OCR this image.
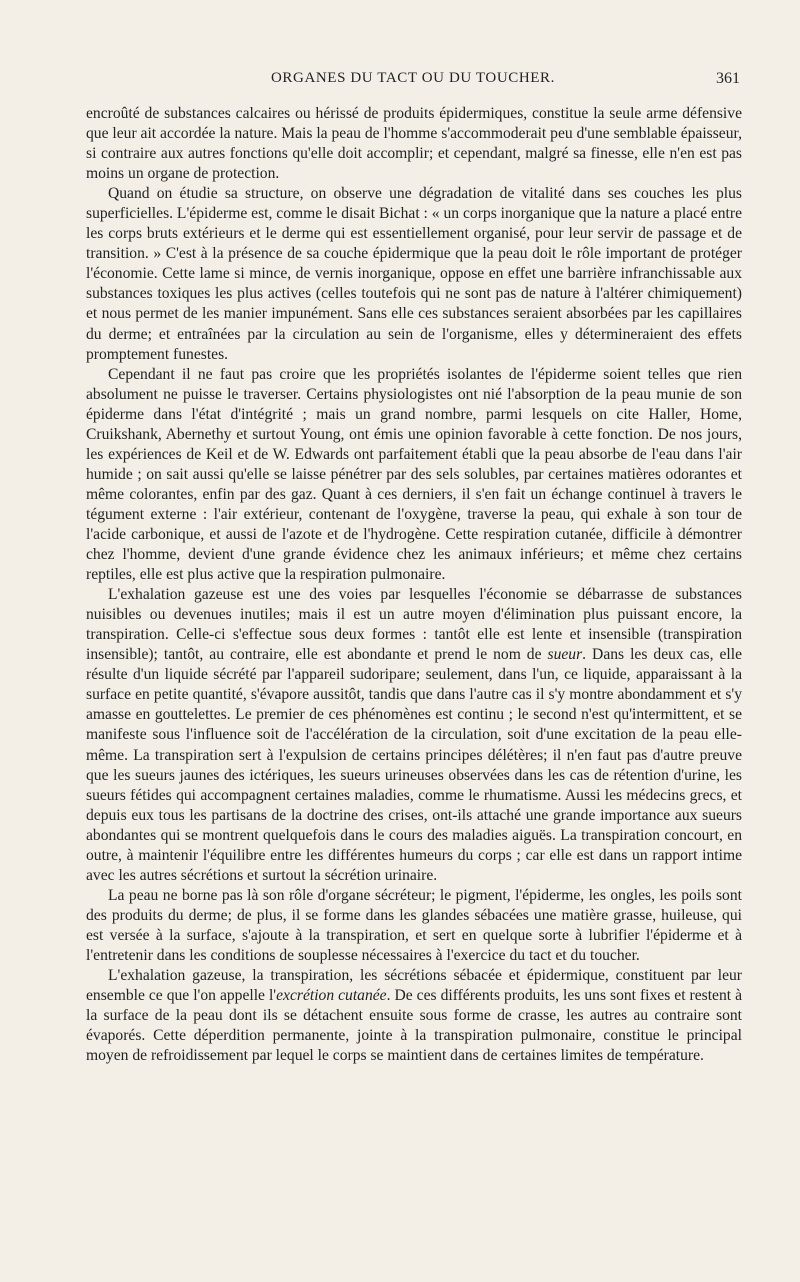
ORGANES DU TACT OU DU TOUCHER.	361

encroûté de substances calcaires ou hérissé de produits épidermiques, constitue la seule arme défensive que leur ait accordée la nature. Mais la peau de l'homme s'accommoderait peu d'une semblable épaisseur, si contraire aux autres fonctions qu'elle doit accomplir; et cependant, malgré sa finesse, elle n'en est pas moins un organe de protection.

Quand on étudie sa structure, on observe une dégradation de vitalité dans ses couches les plus superficielles. L'épiderme est, comme le disait Bichat : « un corps inorganique que la nature a placé entre les corps bruts extérieurs et le derme qui est essentiellement organisé, pour leur servir de passage et de transition. » C'est à la présence de sa couche épidermique que la peau doit le rôle important de protéger l'économie. Cette lame si mince, de vernis inorganique, oppose en effet une barrière infranchissable aux substances toxiques les plus actives (celles toutefois qui ne sont pas de nature à l'altérer chimiquement) et nous permet de les manier impunément. Sans elle ces substances seraient absorbées par les capillaires du derme; et entraînées par la circulation au sein de l'organisme, elles y détermineraient des effets promptement funestes.

Cependant il ne faut pas croire que les propriétés isolantes de l'épiderme soient telles que rien absolument ne puisse le traverser. Certains physiologistes ont nié l'absorption de la peau munie de son épiderme dans l'état d'intégrité ; mais un grand nombre, parmi lesquels on cite Haller, Home, Cruikshank, Abernethy et surtout Young, ont émis une opinion favorable à cette fonction. De nos jours, les expériences de Keil et de W. Edwards ont parfaitement établi que la peau absorbe de l'eau dans l'air humide ; on sait aussi qu'elle se laisse pénétrer par des sels solubles, par certaines matières odorantes et même colorantes, enfin par des gaz. Quant à ces derniers, il s'en fait un échange continuel à travers le tégument externe : l'air extérieur, contenant de l'oxygène, traverse la peau, qui exhale à son tour de l'acide carbonique, et aussi de l'azote et de l'hydrogène. Cette respiration cutanée, difficile à démontrer chez l'homme, devient d'une grande évidence chez les animaux inférieurs; et même chez certains reptiles, elle est plus active que la respiration pulmonaire.

L'exhalation gazeuse est une des voies par lesquelles l'économie se débarrasse de substances nuisibles ou devenues inutiles; mais il est un autre moyen d'élimination plus puissant encore, la transpiration. Celle-ci s'effectue sous deux formes : tantôt elle est lente et insensible (transpiration insensible); tantôt, au contraire, elle est abondante et prend le nom de sueur. Dans les deux cas, elle résulte d'un liquide sécrété par l'appareil sudoripare; seulement, dans l'un, ce liquide, apparaissant à la surface en petite quantité, s'évapore aussitôt, tandis que dans l'autre cas il s'y montre abondamment et s'y amasse en gouttelettes. Le premier de ces phénomènes est continu ; le second n'est qu'intermittent, et se manifeste sous l'influence soit de l'accélération de la circulation, soit d'une excitation de la peau elle-même. La transpiration sert à l'expulsion de certains principes délétères; il n'en faut pas d'autre preuve que les sueurs jaunes des ictériques, les sueurs urineuses observées dans les cas de rétention d'urine, les sueurs fétides qui accompagnent certaines maladies, comme le rhumatisme. Aussi les médecins grecs, et depuis eux tous les partisans de la doctrine des crises, ont-ils attaché une grande importance aux sueurs abondantes qui se montrent quelquefois dans le cours des maladies aiguës. La transpiration concourt, en outre, à maintenir l'équilibre entre les différentes humeurs du corps ; car elle est dans un rapport intime avec les autres sécrétions et surtout la sécrétion urinaire.

La peau ne borne pas là son rôle d'organe sécréteur; le pigment, l'épiderme, les ongles, les poils sont des produits du derme; de plus, il se forme dans les glandes sébacées une matière grasse, huileuse, qui est versée à la surface, s'ajoute à la transpiration, et sert en quelque sorte à lubrifier l'épiderme et à l'entretenir dans les conditions de souplesse nécessaires à l'exercice du tact et du toucher.

L'exhalation gazeuse, la transpiration, les sécrétions sébacée et épidermique, constituent par leur ensemble ce que l'on appelle l'excrétion cutanée. De ces différents produits, les uns sont fixes et restent à la surface de la peau dont ils se détachent ensuite sous forme de crasse, les autres au contraire sont évaporés. Cette déperdition permanente, jointe à la transpiration pulmonaire, constitue le principal moyen de refroidissement par lequel le corps se maintient dans de certaines limites de température.
